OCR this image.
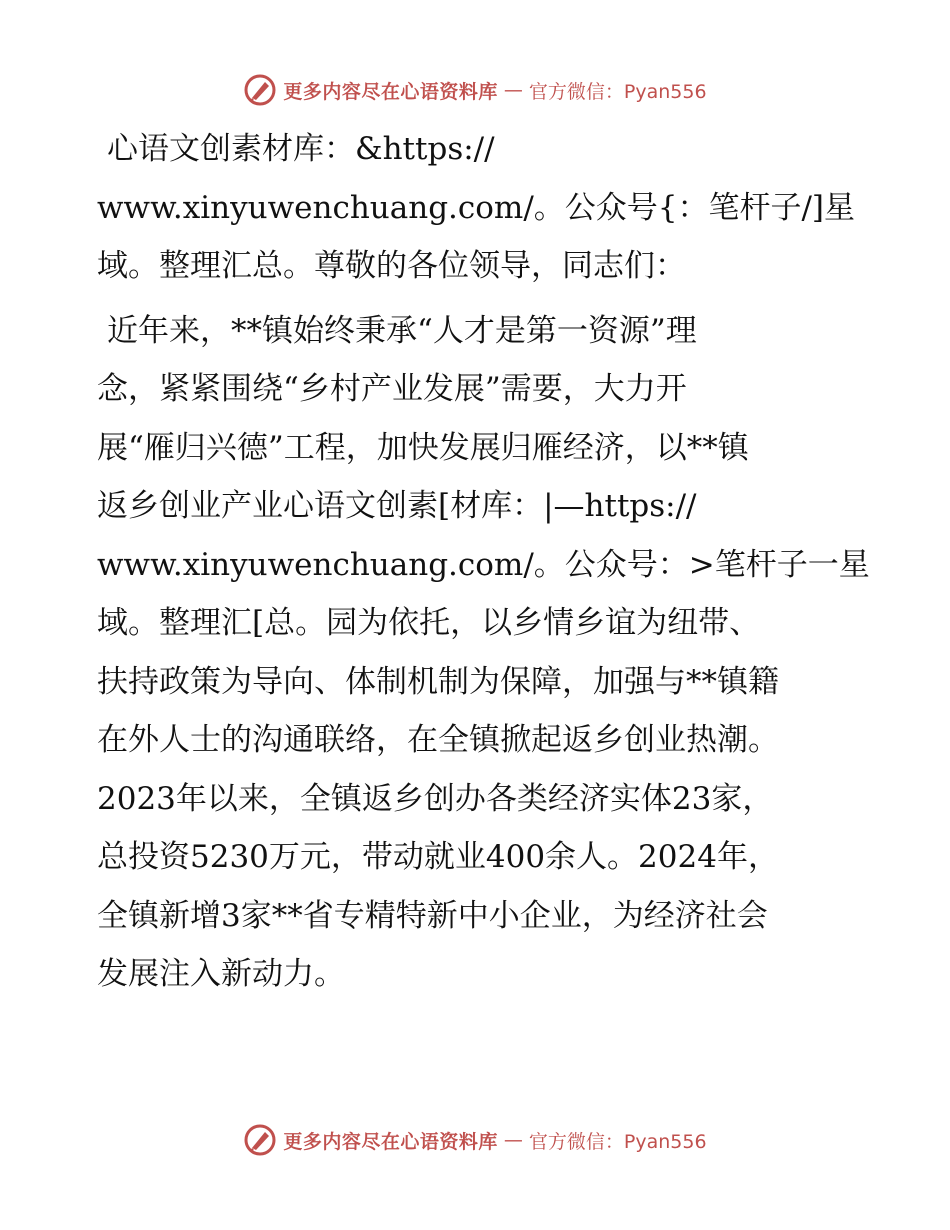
更多内容尽在心语资料库 — 官方微信：Pyan556

心语文创素材库：&https://
www.xinyuwenchuang.com/。公众号{：笔杆子/]星
域。整理汇总。尊敬的各位领导，同志们：

近年来，**镇始终秉承“人才是第一资源”理
念，紧紧围绕“乡村产业发展”需要，大力开
展“雁归兴德”工程，加快发展归雁经济，以**镇
返乡创业产业心语文创素[材库：|—https://
www.xinyuwenchuang.com/。公众号：>笔杆子一星
域。整理汇[总。园为依托，以乡情乡谊为纽带、
扶持政策为导向、体制机制为保障，加强与**镇籍
在外人士的沟通联络，在全镇掀起返乡创业热潮。
2023年以来，全镇返乡创办各类经济实体23家，
总投资5230万元，带动就业400余人。2024年，
全镇新增3家**省专精特新中小企业，为经济社会
发展注入新动力。

更多内容尽在心语资料库 — 官方微信：Pyan556
